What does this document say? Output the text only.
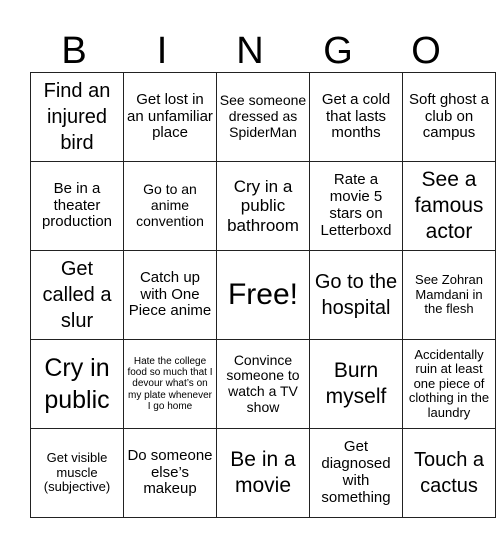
B	I	N	G	O
Find an injured bird	Get lost in an unfamiliar place	See someone dressed as SpiderMan	Get a cold that lasts months	Soft ghost a club on campus
Be in a theater production	Go to an anime convention	Cry in a public bathroom	Rate a movie 5 stars on Letterboxd	See a famous actor
Get called a slur	Catch up with One Piece anime	Free!	Go to the hospital	See Zohran Mamdani in the flesh
Cry in public	Hate the college food so much that I devour what’s on my plate whenever I go home	Convince someone to watch a TV show	Burn myself	Accidentally ruin at least one piece of clothing in the laundry
Get visible muscle (subjective)	Do someone else’s makeup	Be in a movie	Get diagnosed with something	Touch a cactus
